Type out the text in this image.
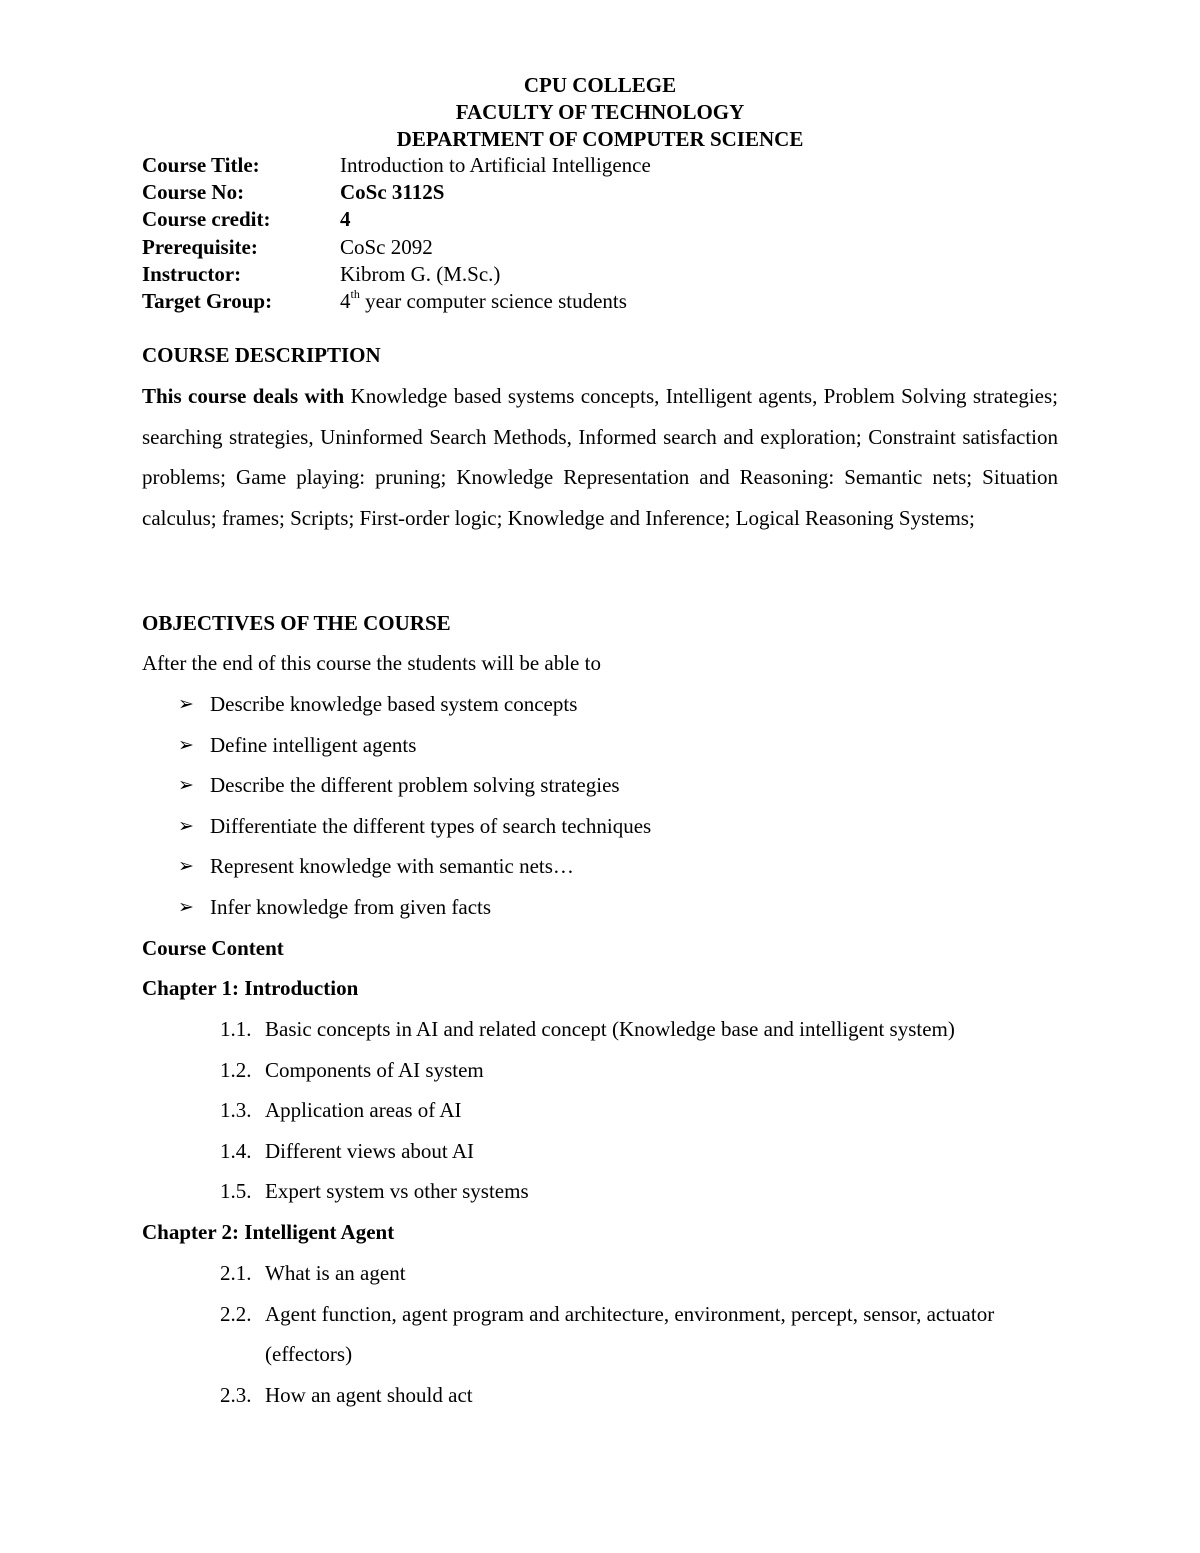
CPU COLLEGE
FACULTY OF TECHNOLOGY
DEPARTMENT OF COMPUTER SCIENCE
Course Title:	Introduction to Artificial Intelligence
Course No:	CoSc 3112S
Course credit:	4
Prerequisite:	CoSc 2092
Instructor:	Kibrom G. (M.Sc.)
Target Group:	4th year computer science students
COURSE DESCRIPTION
This course deals with Knowledge based systems concepts, Intelligent agents, Problem Solving strategies; searching strategies, Uninformed Search Methods, Informed search and exploration; Constraint satisfaction problems; Game playing: pruning; Knowledge Representation and Reasoning: Semantic nets; Situation calculus; frames; Scripts; First-order logic; Knowledge and Inference; Logical Reasoning Systems;
OBJECTIVES OF THE COURSE
After the end of this course the students will be able to
➢ Describe knowledge based system concepts
➢ Define intelligent agents
➢ Describe the different problem solving strategies
➢ Differentiate the different types of search techniques
➢ Represent knowledge with semantic nets…
➢ Infer knowledge from given facts
Course Content
Chapter 1: Introduction
1.1. Basic concepts in AI and related concept (Knowledge base and intelligent system)
1.2. Components of AI system
1.3. Application areas of AI
1.4. Different views about AI
1.5. Expert system vs other systems
Chapter 2: Intelligent Agent
2.1. What is an agent
2.2. Agent function, agent program and architecture, environment, percept, sensor, actuator (effectors)
2.3. How an agent should act
